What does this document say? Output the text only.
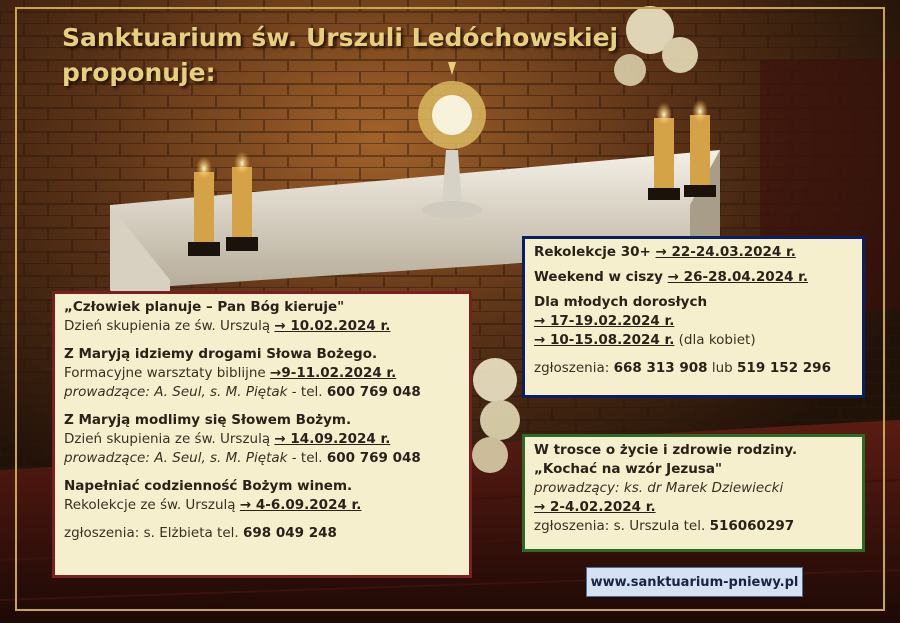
Sanktuarium św. Urszuli Ledóchowskiej
proponuje:
„Człowiek planuje – Pan Bóg kieruje"
Dzień skupienia ze św. Urszulą → 10.02.2024 r.
Z Maryją idziemy drogami Słowa Bożego.
Formacyjne warsztaty biblijne →9-11.02.2024 r.
prowadzące: A. Seul, s. M. Piętak - tel. 600 769 048
Z Maryją modlimy się Słowem Bożym.
Dzień skupienia ze św. Urszulą → 14.09.2024 r.
prowadzące: A. Seul, s. M. Piętak - tel. 600 769 048
Napełniać codzienność Bożym winem.
Rekolekcje ze św. Urszulą → 4-6.09.2024 r.
zgłoszenia: s. Elżbieta tel. 698 049 248
Rekolekcje 30+ → 22-24.03.2024 r.
Weekend w ciszy → 26-28.04.2024 r.
Dla młodych dorosłych
→ 17-19.02.2024 r.
→ 10-15.08.2024 r. (dla kobiet)
zgłoszenia: 668 313 908 lub 519 152 296
W trosce o życie i zdrowie rodziny.
„Kochać na wzór Jezusa"
prowadzący: ks. dr Marek Dziewiecki
→ 2-4.02.2024 r.
zgłoszenia: s. Urszula tel. 516060297
www.sanktuarium-pniewy.pl
